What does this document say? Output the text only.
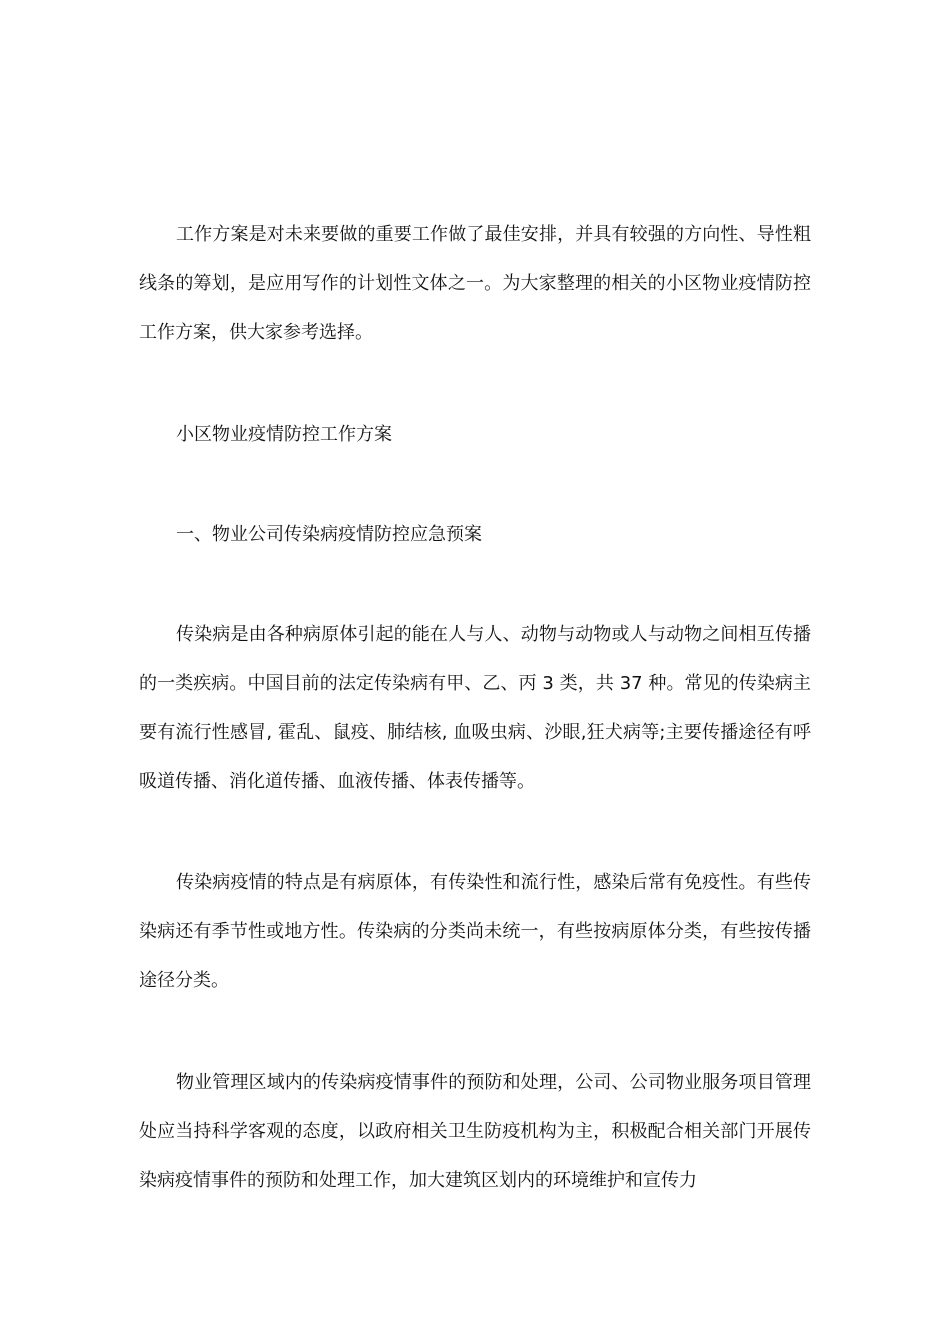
工作方案是对未来要做的重要工作做了最佳安排，并具有较强的方向性、导性粗线条的筹划，是应用写作的计划性文体之一。为大家整理的相关的小区物业疫情防控工作方案，供大家参考选择。

小区物业疫情防控工作方案

一、物业公司传染病疫情防控应急预案

传染病是由各种病原体引起的能在人与人、动物与动物或人与动物之间相互传播的一类疾病。中国目前的法定传染病有甲、乙、丙 3 类，共 37 种。常见的传染病主要有流行性感冒, 霍乱、鼠疫、肺结核, 血吸虫病、沙眼,狂犬病等;主要传播途径有呼吸道传播、消化道传播、血液传播、体表传播等。

传染病疫情的特点是有病原体，有传染性和流行性，感染后常有免疫性。有些传染病还有季节性或地方性。传染病的分类尚未统一，有些按病原体分类，有些按传播途径分类。

物业管理区域内的传染病疫情事件的预防和处理，公司、公司物业服务项目管理处应当持科学客观的态度，以政府相关卫生防疫机构为主，积极配合相关部门开展传染病疫情事件的预防和处理工作，加大建筑区划内的环境维护和宣传力
